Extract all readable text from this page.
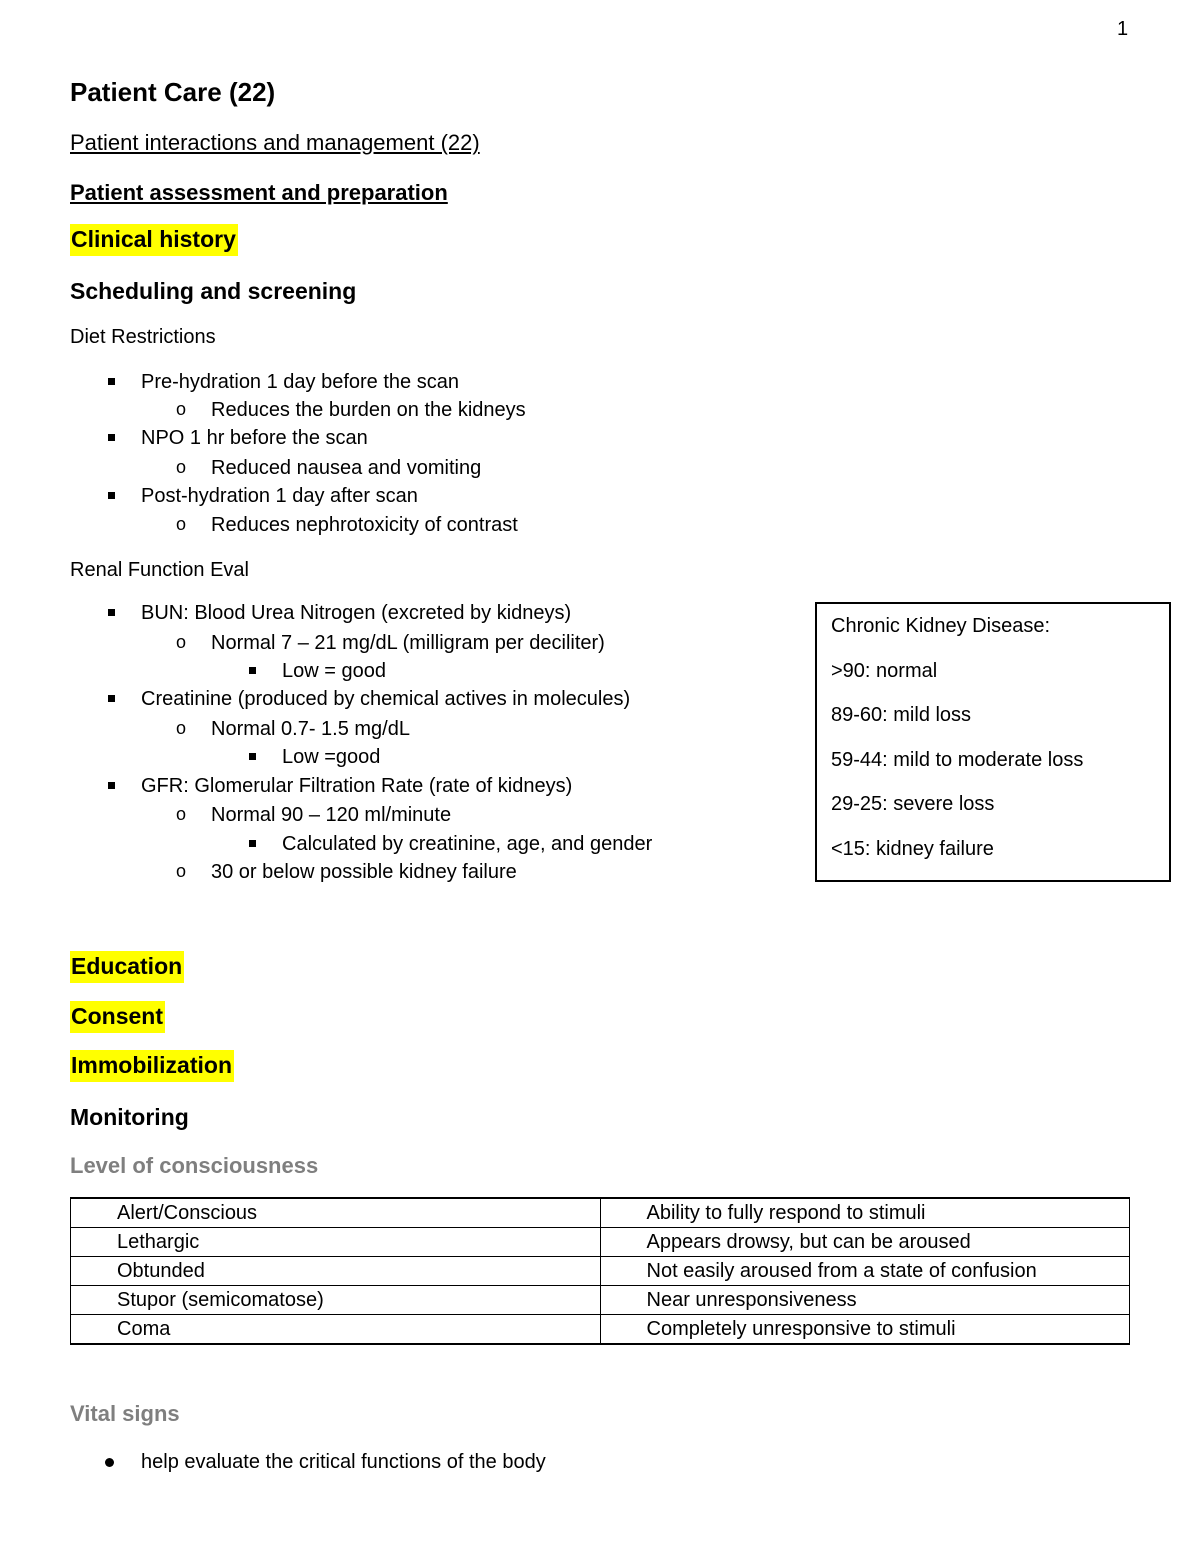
1
Patient Care (22)
Patient interactions and management (22)
Patient assessment and preparation
Clinical history
Scheduling and screening
Diet Restrictions
Pre-hydration 1 day before the scan
o Reduces the burden on the kidneys
NPO 1 hr before the scan
o Reduced nausea and vomiting
Post-hydration 1 day after scan
o Reduces nephrotoxicity of contrast
Renal Function Eval
BUN: Blood Urea Nitrogen (excreted by kidneys)
o Normal 7 – 21 mg/dL (milligram per deciliter)
Low = good
Creatinine (produced by chemical actives in molecules)
o Normal 0.7- 1.5 mg/dL
Low =good
GFR: Glomerular Filtration Rate (rate of kidneys)
o Normal 90 – 120 ml/minute
Calculated by creatinine, age, and gender
o 30 or below possible kidney failure
Chronic Kidney Disease:
>90: normal
89-60: mild loss
59-44: mild to moderate loss
29-25: severe loss
<15: kidney failure
Education
Consent
Immobilization
Monitoring
Level of consciousness
Alert/Conscious	Ability to fully respond to stimuli
Lethargic	Appears drowsy, but can be aroused
Obtunded	Not easily aroused from a state of confusion
Stupor (semicomatose)	Near unresponsiveness
Coma	Completely unresponsive to stimuli
Vital signs
help evaluate the critical functions of the body
